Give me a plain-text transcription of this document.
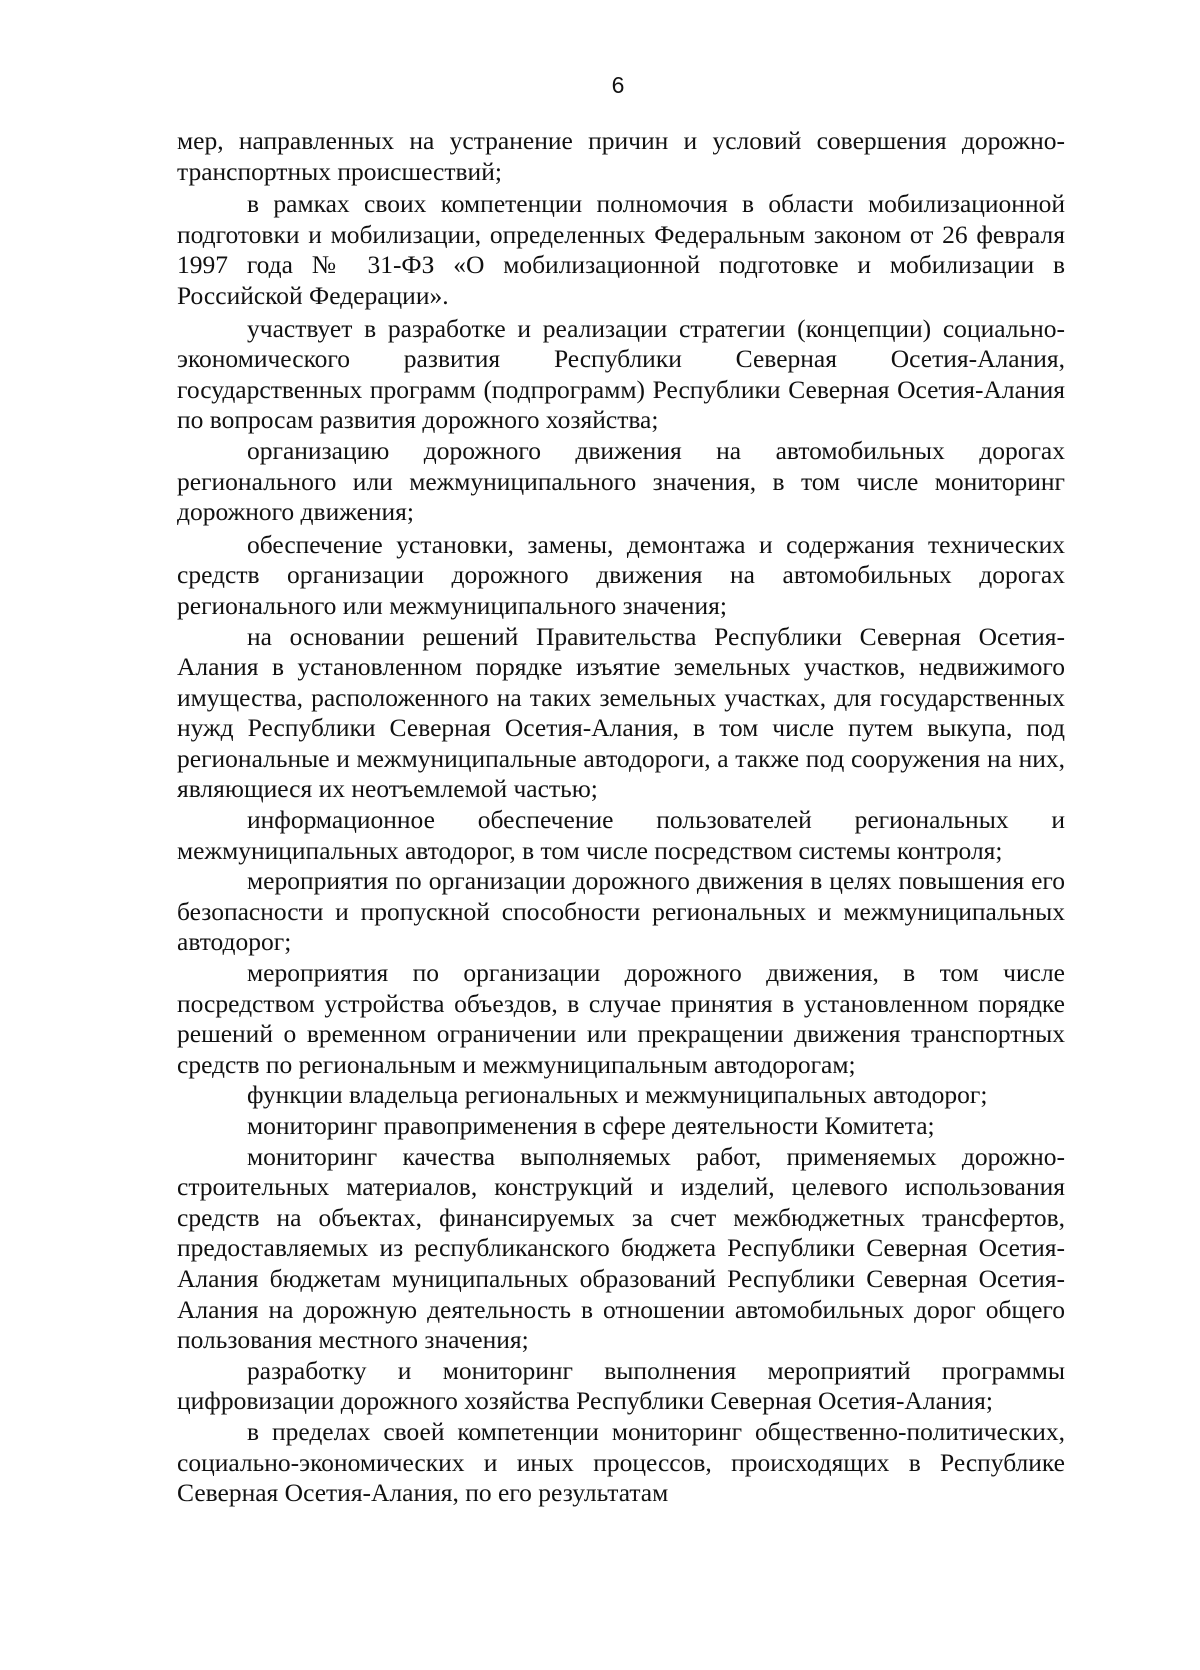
6

мер, направленных на устранение причин и условий совершения дорожно-транспортных происшествий;

в рамках своих компетенции полномочия в области мобилизационной подготовки и мобилизации, определенных Федеральным законом от 26 февраля 1997 года № 31-ФЗ «О мобилизационной подготовке и мобилизации в Российской Федерации».

участвует в разработке и реализации стратегии (концепции) социально-экономического развития Республики Северная Осетия-Алания, государственных программ (подпрограмм) Республики Северная Осетия-Алания по вопросам развития дорожного хозяйства;

организацию дорожного движения на автомобильных дорогах регионального или межмуниципального значения, в том числе мониторинг дорожного движения;

обеспечение установки, замены, демонтажа и содержания технических средств организации дорожного движения на автомобильных дорогах регионального или межмуниципального значения;

на основании решений Правительства Республики Северная Осетия-Алания в установленном порядке изъятие земельных участков, недвижимого имущества, расположенного на таких земельных участках, для государственных нужд Республики Северная Осетия-Алания, в том числе путем выкупа, под региональные и межмуниципальные автодороги, а также под сооружения на них, являющиеся их неотъемлемой частью;

информационное обеспечение пользователей региональных и межмуниципальных автодорог, в том числе посредством системы контроля;

мероприятия по организации дорожного движения в целях повышения его безопасности и пропускной способности региональных и межмуниципальных автодорог;

мероприятия по организации дорожного движения, в том числе посредством устройства объездов, в случае принятия в установленном порядке решений о временном ограничении или прекращении движения транспортных средств по региональным и межмуниципальным автодорогам;

функции владельца региональных и межмуниципальных автодорог;

мониторинг правоприменения в сфере деятельности Комитета;

мониторинг качества выполняемых работ, применяемых дорожно-строительных материалов, конструкций и изделий, целевого использования средств на объектах, финансируемых за счет межбюджетных трансфертов, предоставляемых из республиканского бюджета Республики Северная Осетия-Алания бюджетам муниципальных образований Республики Северная Осетия-Алания на дорожную деятельность в отношении автомобильных дорог общего пользования местного значения;

разработку и мониторинг выполнения мероприятий программы цифровизации дорожного хозяйства Республики Северная Осетия-Алания;

в пределах своей компетенции мониторинг общественно-политических, социально-экономических и иных процессов, происходящих в Республике Северная Осетия-Алания, по его результатам
